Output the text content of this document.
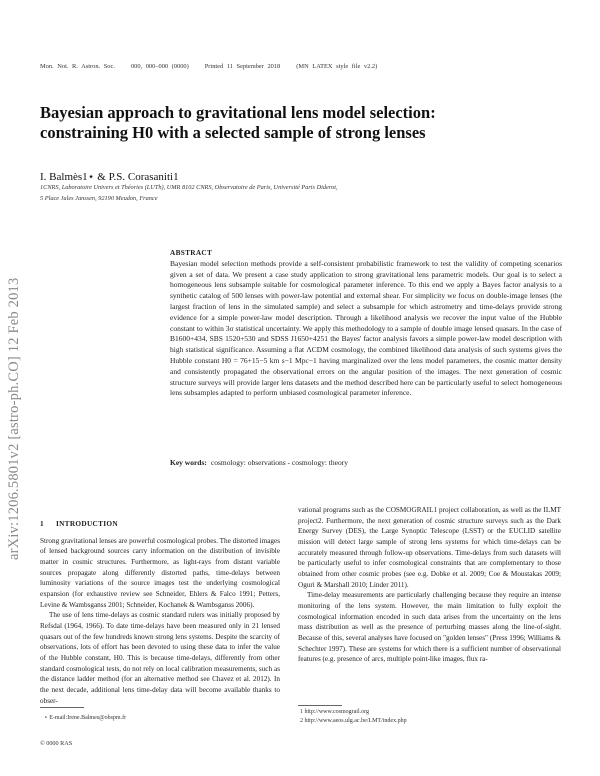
Mon. Not. R. Astron. Soc.	000, 000–000 (0000)	Printed 11 September 2018	(MN LATEX style file v2.2)
Bayesian approach to gravitational lens model selection:
constraining H0 with a selected sample of strong lenses
I. Balmès1⋆ & P.S. Corasaniti1
1CNRS, Laboratoire Univers et Théories (LUTh), UMR 8102 CNRS, Observatoire de Paris, Université Paris Diderot,
5 Place Jules Janssen, 92190 Meudon, France
arXiv:1206.5801v2 [astro-ph.CO] 12 Feb 2013
ABSTRACT
Bayesian model selection methods provide a self-consistent probabilistic framework to test the validity of competing scenarios given a set of data. We present a case study application to strong gravitational lens parametric models. Our goal is to select a homogeneous lens subsample suitable for cosmological parameter inference. To this end we apply a Bayes factor analysis to a synthetic catalog of 500 lenses with power-law potential and external shear. For simplicity we focus on double-image lenses (the largest fraction of lens in the simulated sample) and select a subsample for which astrometry and time-delays provide strong evidence for a simple power-law model description. Through a likelihood analysis we recover the input value of the Hubble constant to within 3σ statistical uncertainty. We apply this methodology to a sample of double image lensed quasars. In the case of B1600+434, SBS 1520+530 and SDSS J1650+4251 the Bayes' factor analysis favors a simple power-law model description with high statistical significance. Assuming a flat ΛCDM cosmology, the combined likelihood data analysis of such systems gives the Hubble constant H0 = 76+15−5 km s−1 Mpc−1 having marginalized over the lens model parameters, the cosmic matter density and consistently propagated the observational errors on the angular position of the images. The next generation of cosmic structure surveys will provide larger lens datasets and the method described here can be particularly useful to select homogeneous lens subsamples adapted to perform unbiased cosmological parameter inference.
Key words: cosmology: observations - cosmology: theory
1 INTRODUCTION

Strong gravitational lenses are powerful cosmological probes. The distorted images of lensed background sources carry information on the distribution of invisible matter in cosmic structures. Furthermore, as light-rays from distant variable sources propagate along differently distorted paths, time-delays between luminosity variations of the source images test the underlying cosmological expansion (for exhaustive review see Schneider, Ehlers & Falco 1991; Petters, Levine & Wambsganss 2001; Schneider, Kochanek & Wambsganss 2006).

The use of lens time-delays as cosmic standard rulers was initially proposed by Refsdal (1964, 1966). To date time-delays have been measured only in 21 lensed quasars out of the few hundreds known strong lens systems. Despite the scarcity of observations, lots of effort has been devoted to using these data to infer the value of the Hubble constant, H0. This is because time-delays, differently from other standard cosmological tests, do not rely on local calibration measurements, such as the distance ladder method (for an alternative method see Chavez et al. 2012). In the next decade, additional lens time-delay data will become available thanks to obser-

vational programs such as the COSMOGRAIL1 project collaboration, as well as the ILMT project2. Furthermore, the next generation of cosmic structure surveys such as the Dark Energy Survey (DES), the Large Synoptic Telescope (LSST) or the EUCLID satellite mission will detect large sample of strong lens systems for which time-delays can be accurately measured through follow-up observations. Time-delays from such datasets will be particularly useful to infer cosmological constraints that are complementary to those obtained from other cosmic probes (see e.g. Dobke et al. 2009; Coe & Moustakas 2009; Oguri & Marshall 2010; Linder 2011).

Time-delay measurements are particularly challenging because they require an intense monitoring of the lens system. However, the main limitation to fully exploit the cosmological information encoded in such data arises from the uncertainty on the lens mass distribution as well as the presence of perturbing masses along the line-of-sight. Because of this, several analyses have focused on "golden lenses" (Press 1996; Williams & Schechter 1997). These are systems for which there is a sufficient number of observational features (e.g. presence of arcs, multiple point-like images, flux ra-

⋆ E-mail:Irene.Balmes@obspm.fr
1 http://www.cosmograil.org
2 http://www.aeos.ulg.ac.be/LMT/index.php
© 0000 RAS
